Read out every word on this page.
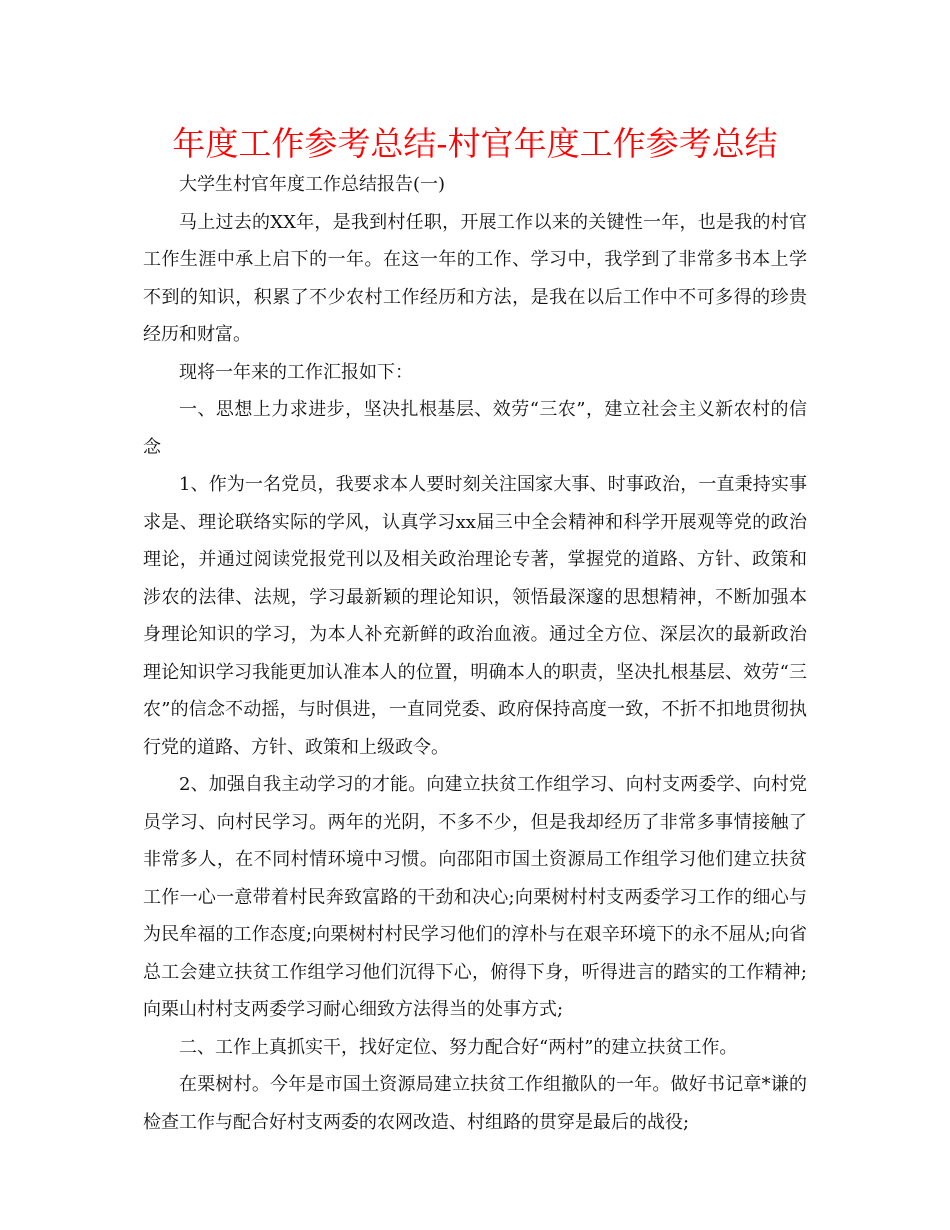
年度工作参考总结-村官年度工作参考总结

大学生村官年度工作总结报告(一)

马上过去的XX年，是我到村任职，开展工作以来的关键性一年，也是我的村官工作生涯中承上启下的一年。在这一年的工作、学习中，我学到了非常多书本上学不到的知识，积累了不少农村工作经历和方法，是我在以后工作中不可多得的珍贵经历和财富。

现将一年来的工作汇报如下：

一、思想上力求进步，坚决扎根基层、效劳“三农”，建立社会主义新农村的信念

1、作为一名党员，我要求本人要时刻关注国家大事、时事政治，一直秉持实事求是、理论联络实际的学风，认真学习xx届三中全会精神和科学开展观等党的政治理论，并通过阅读党报党刊以及相关政治理论专著，掌握党的道路、方针、政策和涉农的法律、法规，学习最新颖的理论知识，领悟最深邃的思想精神，不断加强本身理论知识的学习，为本人补充新鲜的政治血液。通过全方位、深层次的最新政治理论知识学习我能更加认准本人的位置，明确本人的职责，坚决扎根基层、效劳“三农”的信念不动摇，与时俱进，一直同党委、政府保持高度一致，不折不扣地贯彻执行党的道路、方针、政策和上级政令。

2、加强自我主动学习的才能。向建立扶贫工作组学习、向村支两委学、向村党员学习、向村民学习。两年的光阴，不多不少，但是我却经历了非常多事情接触了非常多人，在不同村情环境中习惯。向邵阳市国土资源局工作组学习他们建立扶贫工作一心一意带着村民奔致富路的干劲和决心;向栗树村村支两委学习工作的细心与为民牟福的工作态度;向栗树村村民学习他们的淳朴与在艰辛环境下的永不屈从;向省总工会建立扶贫工作组学习他们沉得下心，俯得下身，听得进言的踏实的工作精神;向栗山村村支两委学习耐心细致方法得当的处事方式;

二、工作上真抓实干，找好定位、努力配合好“两村”的建立扶贫工作。

在栗树村。今年是市国土资源局建立扶贫工作组撤队的一年。做好书记章*谦的检查工作与配合好村支两委的农网改造、村组路的贯穿是最后的战役;
